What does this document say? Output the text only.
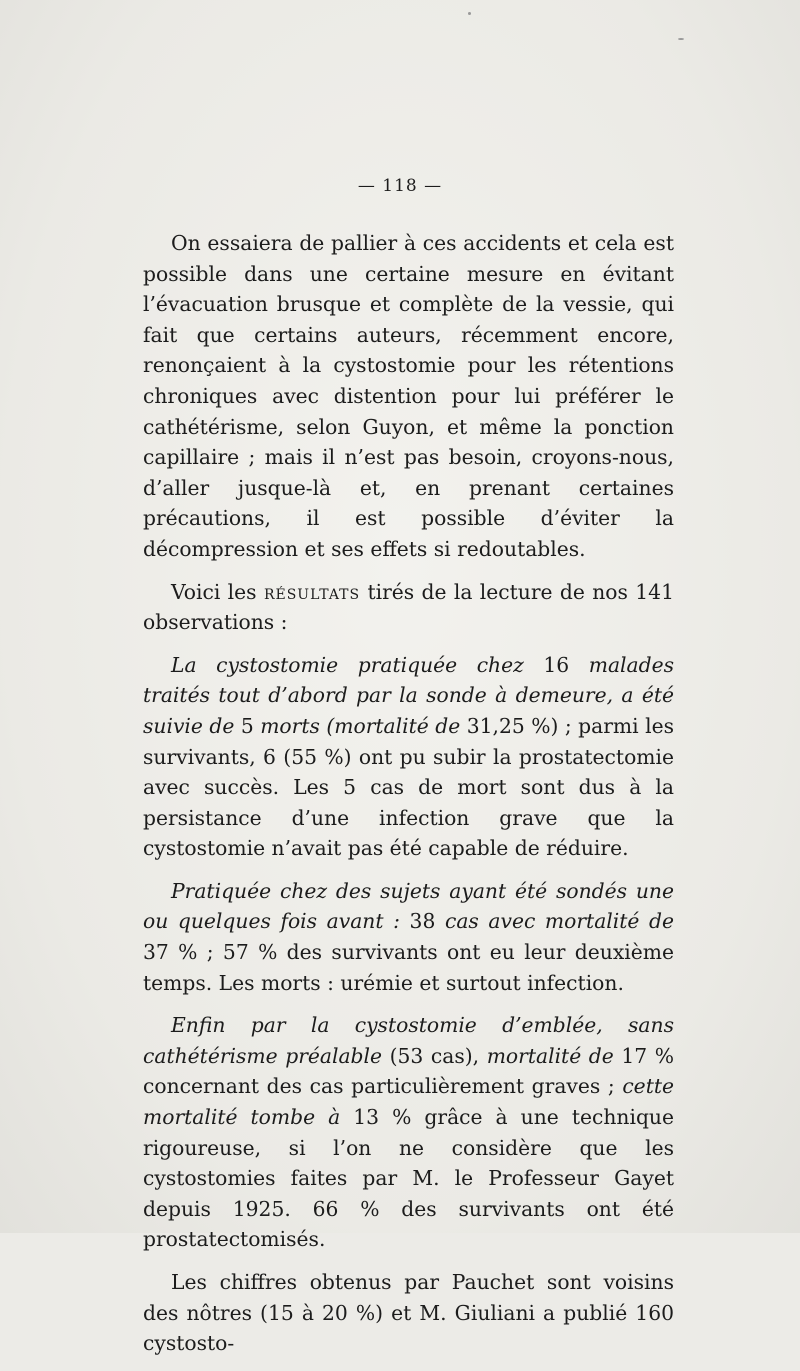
— 118 —

On essaiera de pallier à ces accidents et cela est possible dans une certaine mesure en évitant l’évacuation brusque et complète de la vessie, qui fait que certains auteurs, récemment encore, renonçaient à la cystostomie pour les rétentions chroniques avec distention pour lui préférer le cathétérisme, selon Guyon, et même la ponction capillaire ; mais il n’est pas besoin, croyons-nous, d’aller jusque-là et, en prenant certaines précautions, il est possible d’éviter la décompression et ses effets si redoutables.

Voici les résultats tirés de la lecture de nos 141 observations :

La cystostomie pratiquée chez 16 malades traités tout d’abord par la sonde à demeure, a été suivie de 5 morts (mortalité de 31,25 %) ; parmi les survivants, 6 (55 %) ont pu subir la prostatectomie avec succès. Les 5 cas de mort sont dus à la persistance d’une infection grave que la cystostomie n’avait pas été capable de réduire.

Pratiquée chez des sujets ayant été sondés une ou quelques fois avant : 38 cas avec mortalité de 37 % ; 57 % des survivants ont eu leur deuxième temps. Les morts : urémie et surtout infection.

Enfin par la cystostomie d’emblée, sans cathétérisme préalable (53 cas), mortalité de 17 % concernant des cas particulièrement graves ; cette mortalité tombe à 13 % grâce à une technique rigoureuse, si l’on ne considère que les cystostomies faites par M. le Professeur Gayet depuis 1925. 66 % des survivants ont été prostatectomisés.

Les chiffres obtenus par Pauchet sont voisins des nôtres (15 à 20 %) et M. Giuliani a publié 160 cystosto-
